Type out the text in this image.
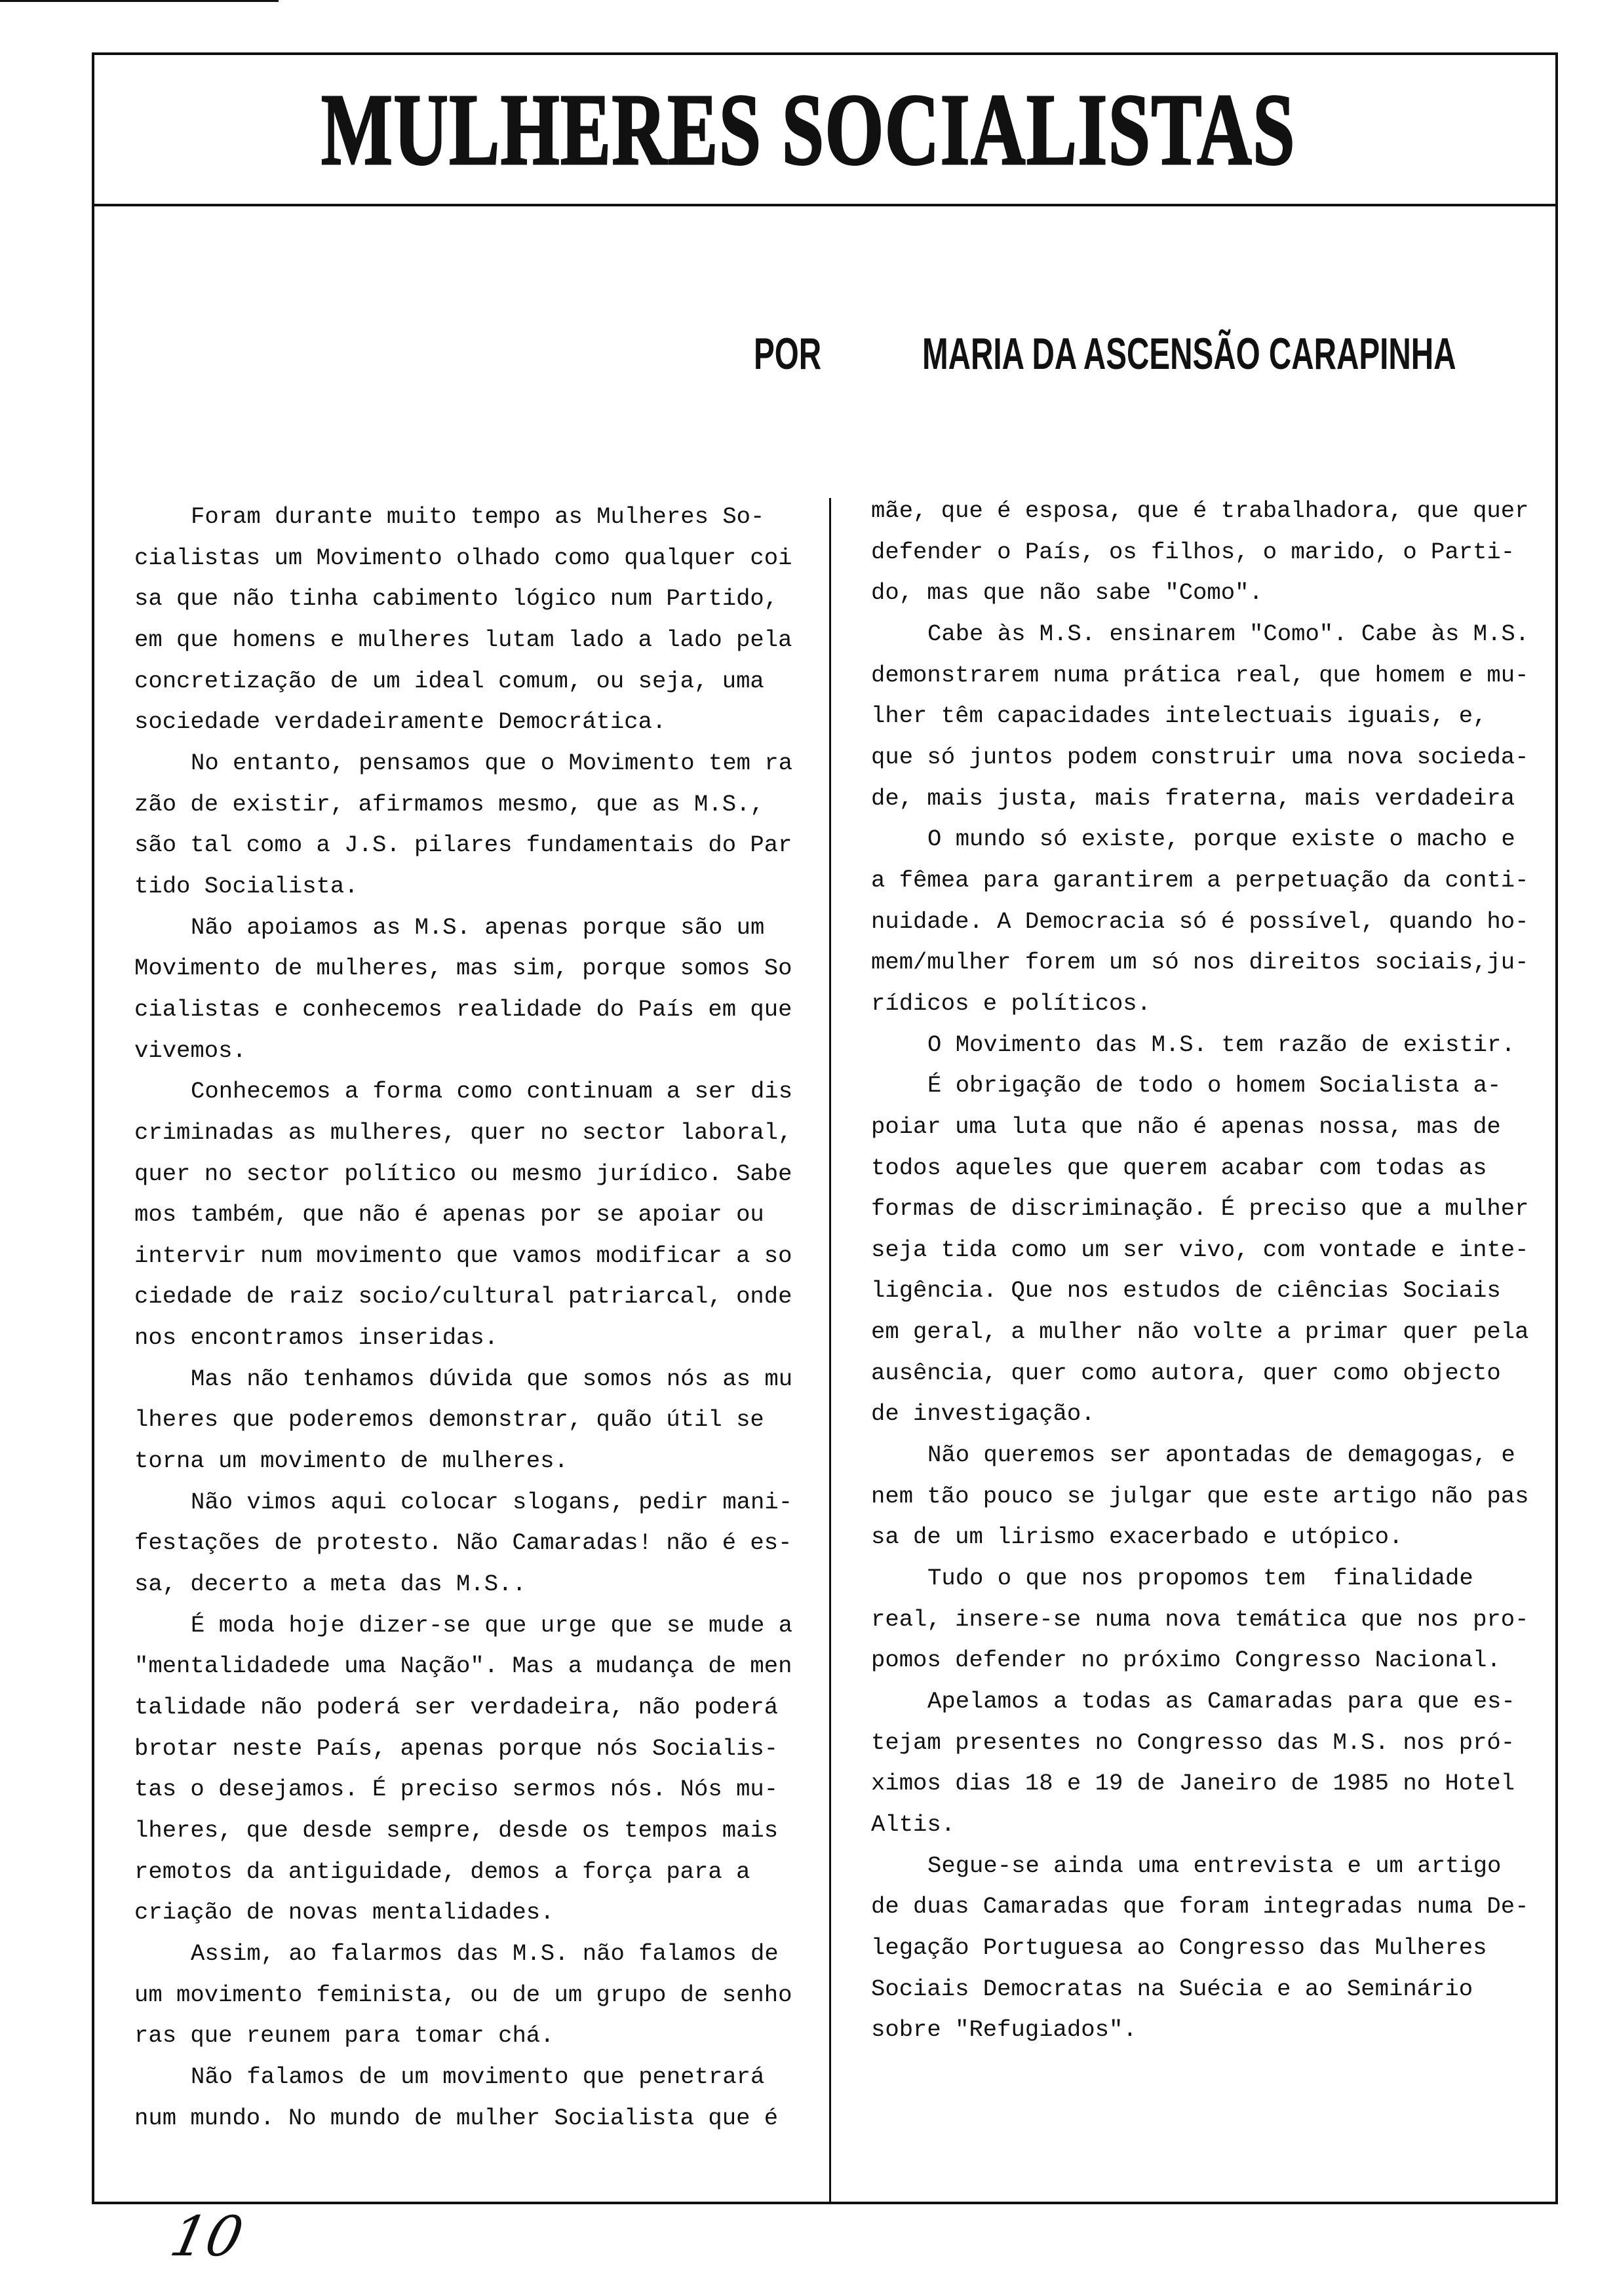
MULHERES SOCIALISTAS
POR MARIA DA ASCENSÃO CARAPINHA
Foram durante muito tempo as Mulheres So-
cialistas um Movimento olhado como qualquer coi
sa que não tinha cabimento lógico num Partido,
em que homens e mulheres lutam lado a lado pela
concretização de um ideal comum, ou seja, uma
sociedade verdadeiramente Democrática.
No entanto, pensamos que o Movimento tem ra
zão de existir, afirmamos mesmo, que as M.S.,
são tal como a J.S. pilares fundamentais do Par
tido Socialista.
Não apoiamos as M.S. apenas porque são um
Movimento de mulheres, mas sim, porque somos So
cialistas e conhecemos realidade do País em que
vivemos.
Conhecemos a forma como continuam a ser dis
criminadas as mulheres, quer no sector laboral,
quer no sector político ou mesmo jurídico. Sabe
mos também, que não é apenas por se apoiar ou
intervir num movimento que vamos modificar a so
ciedade de raiz socio/cultural patriarcal, onde
nos encontramos inseridas.
Mas não tenhamos dúvida que somos nós as mu
lheres que poderemos demonstrar, quão útil se
torna um movimento de mulheres.
Não vimos aqui colocar slogans, pedir mani-
festações de protesto. Não Camaradas! não é es-
sa, decerto a meta das M.S..
É moda hoje dizer-se que urge que se mude a
"mentalidadede uma Nação". Mas a mudança de men
talidade não poderá ser verdadeira, não poderá
brotar neste País, apenas porque nós Socialis-
tas o desejamos. É preciso sermos nós. Nós mu-
lheres, que desde sempre, desde os tempos mais
remotos da antiguidade, demos a força para a
criação de novas mentalidades.
Assim, ao falarmos das M.S. não falamos de
um movimento feminista, ou de um grupo de senho
ras que reunem para tomar chá.
Não falamos de um movimento que penetrará
num mundo. No mundo de mulher Socialista que é
mãe, que é esposa, que é trabalhadora, que quer
defender o País, os filhos, o marido, o Parti-
do, mas que não sabe "Como".
Cabe às M.S. ensinarem "Como". Cabe às M.S.
demonstrarem numa prática real, que homem e mu-
lher têm capacidades intelectuais iguais, e,
que só juntos podem construir uma nova socieda-
de, mais justa, mais fraterna, mais verdadeira
O mundo só existe, porque existe o macho e
a fêmea para garantirem a perpetuação da conti-
nuidade. A Democracia só é possível, quando ho-
mem/mulher forem um só nos direitos sociais,ju-
rídicos e políticos.
O Movimento das M.S. tem razão de existir.
É obrigação de todo o homem Socialista a-
poiar uma luta que não é apenas nossa, mas de
todos aqueles que querem acabar com todas as
formas de discriminação. É preciso que a mulher
seja tida como um ser vivo, com vontade e inte-
ligência. Que nos estudos de ciências Sociais
em geral, a mulher não volte a primar quer pela
ausência, quer como autora, quer como objecto
de investigação.
Não queremos ser apontadas de demagogas, e
nem tão pouco se julgar que este artigo não pas
sa de um lirismo exacerbado e utópico.
Tudo o que nos propomos tem  finalidade
real, insere-se numa nova temática que nos pro-
pomos defender no próximo Congresso Nacional.
Apelamos a todas as Camaradas para que es-
tejam presentes no Congresso das M.S. nos pró-
ximos dias 18 e 19 de Janeiro de 1985 no Hotel
Altis.
Segue-se ainda uma entrevista e um artigo
de duas Camaradas que foram integradas numa De-
legação Portuguesa ao Congresso das Mulheres
Sociais Democratas na Suécia e ao Seminário
sobre "Refugiados".
10
